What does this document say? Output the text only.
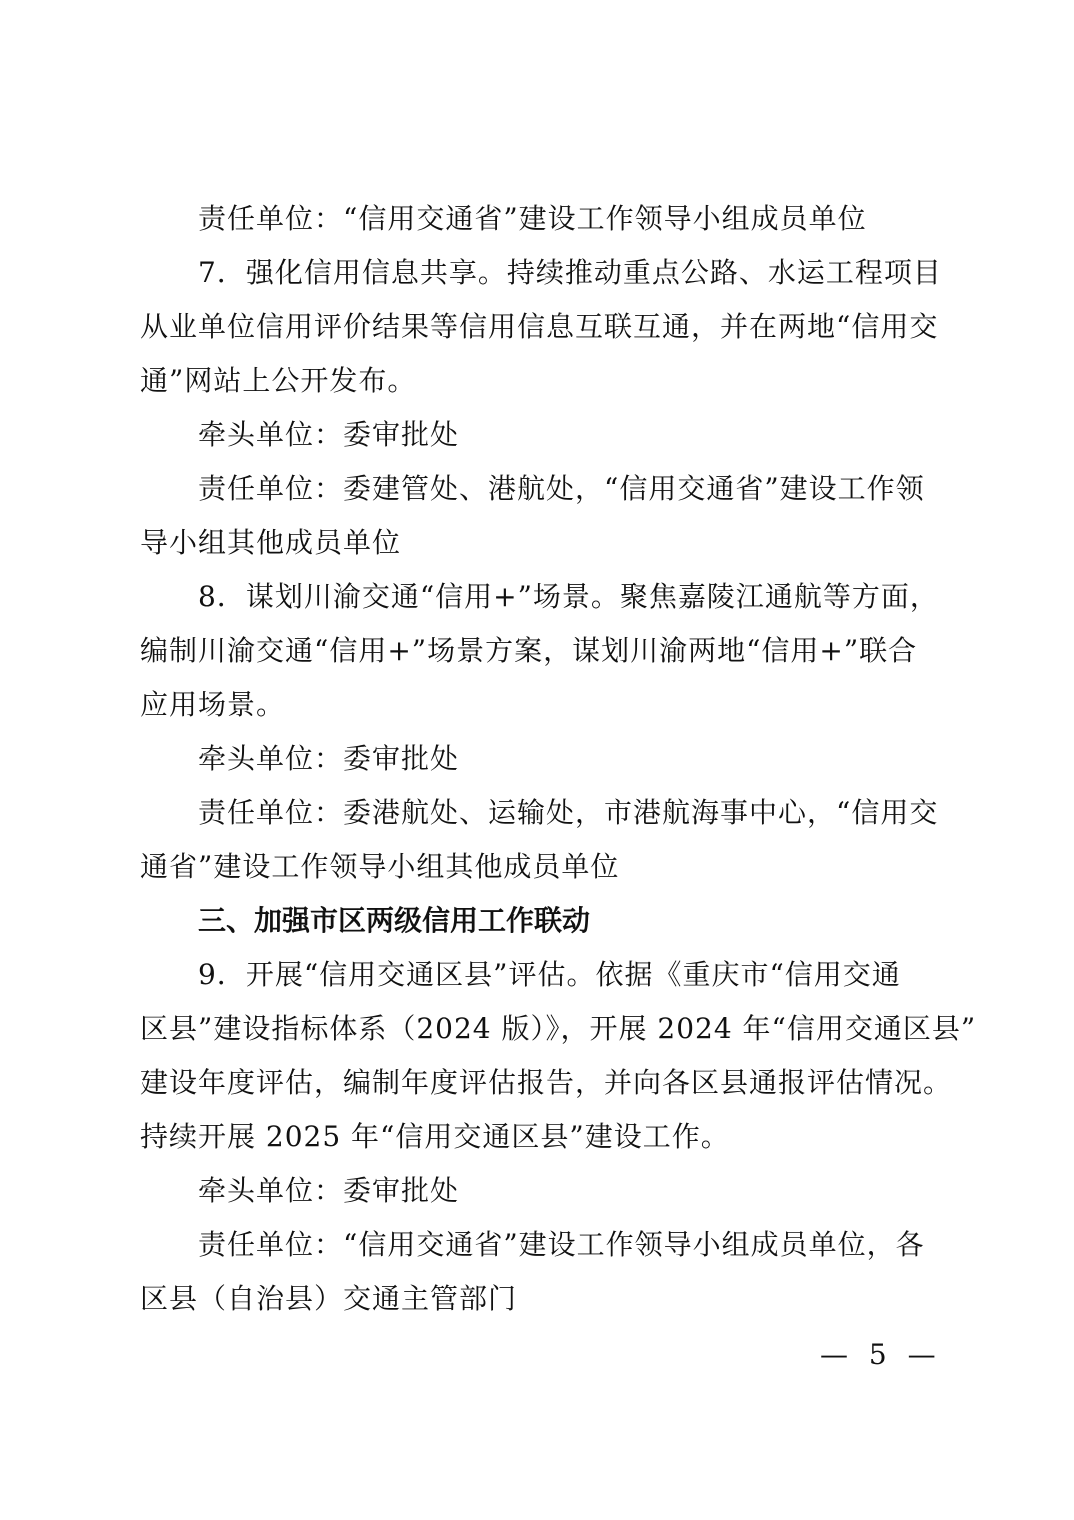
责任单位：“信用交通省”建设工作领导小组成员单位
7．强化信用信息共享。持续推动重点公路、水运工程项目
从业单位信用评价结果等信用信息互联互通，并在两地“信用交
通”网站上公开发布。
牵头单位：委审批处
责任单位：委建管处、港航处，“信用交通省”建设工作领
导小组其他成员单位
8．谋划川渝交通“信用+”场景。聚焦嘉陵江通航等方面，
编制川渝交通“信用+”场景方案，谋划川渝两地“信用+”联合
应用场景。
牵头单位：委审批处
责任单位：委港航处、运输处，市港航海事中心，“信用交
通省”建设工作领导小组其他成员单位
三、加强市区两级信用工作联动
9．开展“信用交通区县”评估。依据《重庆市“信用交通
区县”建设指标体系（2024 版）》，开展 2024 年“信用交通区县”
建设年度评估，编制年度评估报告，并向各区县通报评估情况。
持续开展 2025 年“信用交通区县”建设工作。
牵头单位：委审批处
责任单位：“信用交通省”建设工作领导小组成员单位，各
区县（自治县）交通主管部门
— 5 —
